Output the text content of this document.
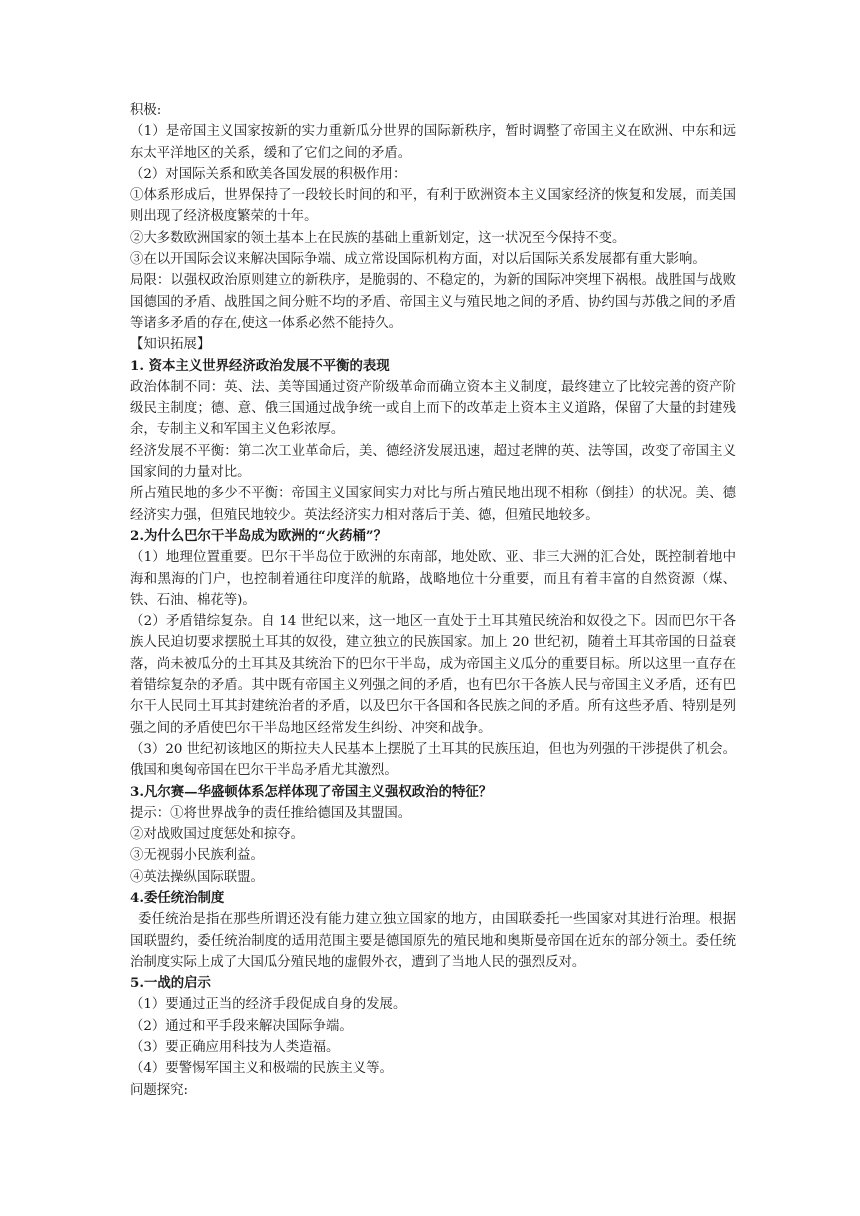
积极:

（1）是帝国主义国家按新的实力重新瓜分世界的国际新秩序，暂时调整了帝国主义在欧洲、中东和远东太平洋地区的关系，缓和了它们之间的矛盾。

（2）对国际关系和欧美各国发展的积极作用：

①体系形成后，世界保持了一段较长时间的和平，有利于欧洲资本主义国家经济的恢复和发展，而美国则出现了经济极度繁荣的十年。

②大多数欧洲国家的领土基本上在民族的基础上重新划定，这一状况至今保持不变。

③在以开国际会议来解决国际争端、成立常设国际机构方面，对以后国际关系发展都有重大影响。

局限：以强权政治原则建立的新秩序，是脆弱的、不稳定的，为新的国际冲突埋下祸根。战胜国与战败国德国的矛盾、战胜国之间分赃不均的矛盾、帝国主义与殖民地之间的矛盾、协约国与苏俄之间的矛盾等诸多矛盾的存在,使这一体系必然不能持久。

【知识拓展】

1. 资本主义世界经济政治发展不平衡的表现

政治体制不同：英、法、美等国通过资产阶级革命而确立资本主义制度，最终建立了比较完善的资产阶级民主制度；德、意、俄三国通过战争统一或自上而下的改革走上资本主义道路，保留了大量的封建残余，专制主义和军国主义色彩浓厚。

经济发展不平衡：第二次工业革命后，美、德经济发展迅速，超过老牌的英、法等国，改变了帝国主义国家间的力量对比。

所占殖民地的多少不平衡：帝国主义国家间实力对比与所占殖民地出现不相称（倒挂）的状况。美、德经济实力强，但殖民地较少。英法经济实力相对落后于美、德，但殖民地较多。

2.为什么巴尔干半岛成为欧洲的“火药桶”？

（1）地理位置重要。巴尔干半岛位于欧洲的东南部，地处欧、亚、非三大洲的汇合处，既控制着地中海和黑海的门户，也控制着通往印度洋的航路，战略地位十分重要，而且有着丰富的自然资源（煤、铁、石油、棉花等)。

（2）矛盾错综复杂。自 14 世纪以来，这一地区一直处于土耳其殖民统治和奴役之下。因而巴尔干各族人民迫切要求摆脱土耳其的奴役，建立独立的民族国家。加上 20 世纪初，随着土耳其帝国的日益衰落，尚未被瓜分的土耳其及其统治下的巴尔干半岛，成为帝国主义瓜分的重要目标。所以这里一直存在着错综复杂的矛盾。其中既有帝国主义列强之间的矛盾，也有巴尔干各族人民与帝国主义矛盾，还有巴尔干人民同土耳其封建统治者的矛盾，以及巴尔干各国和各民族之间的矛盾。所有这些矛盾、特别是列强之间的矛盾使巴尔干半岛地区经常发生纠纷、冲突和战争。

（3）20 世纪初该地区的斯拉夫人民基本上摆脱了土耳其的民族压迫，但也为列强的干涉提供了机会。俄国和奥匈帝国在巴尔干半岛矛盾尤其激烈。

3.凡尔赛—华盛顿体系怎样体现了帝国主义强权政治的特征？

提示：①将世界战争的责任推给德国及其盟国。

②对战败国过度惩处和掠夺。

③无视弱小民族利益。

④英法操纵国际联盟。

4.委任统治制度

委任统治是指在那些所谓还没有能力建立独立国家的地方，由国联委托一些国家对其进行治理。根据国联盟约，委任统治制度的适用范围主要是德国原先的殖民地和奥斯曼帝国在近东的部分领土。委任统治制度实际上成了大国瓜分殖民地的虚假外衣，遭到了当地人民的强烈反对。

5.一战的启示

（1）要通过正当的经济手段促成自身的发展。

（2）通过和平手段来解决国际争端。

（3）要正确应用科技为人类造福。

（4）要警惕军国主义和极端的民族主义等。

问题探究:
